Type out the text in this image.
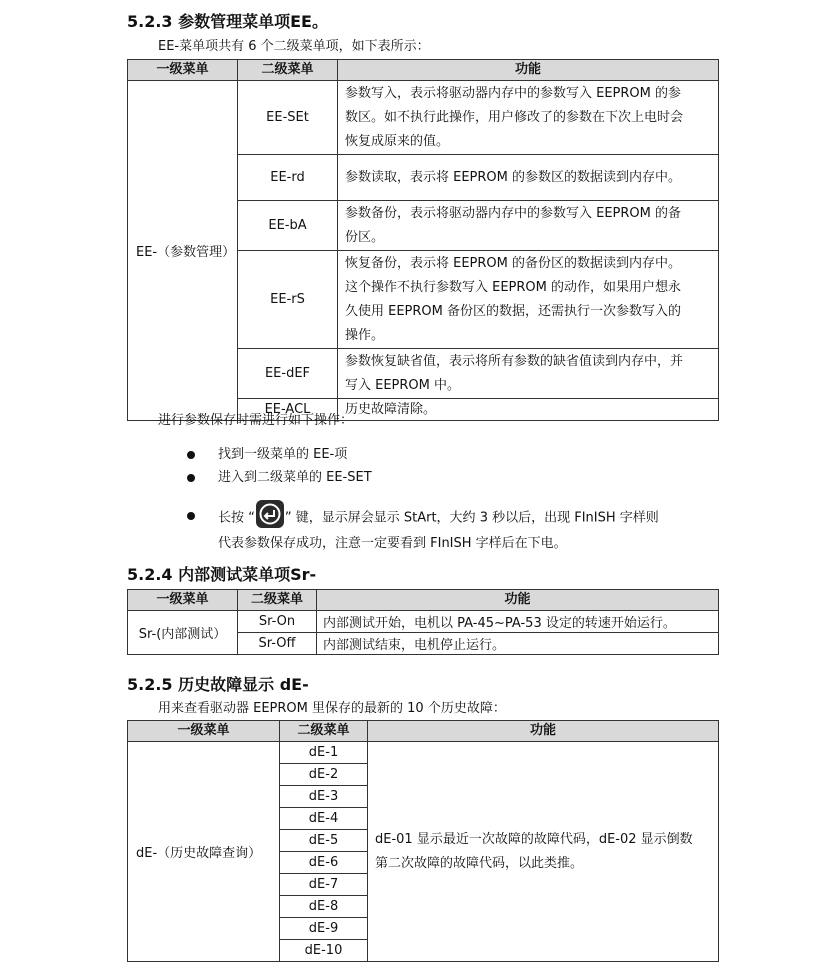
5.2.3 参数管理菜单项EE。

EE-菜单项共有 6 个二级菜单项，如下表所示：

一级菜单	二级菜单	功能
EE-（参数管理）	EE-SEt	参数写入，表示将驱动器内存中的参数写入 EEPROM 的参
数区。如不执行此操作，用户修改了的参数在下次上电时会
恢复成原来的值。

	EE-rd	参数读取，表示将 EEPROM 的参数区的数据读到内存中。

	EE-bA	参数备份，表示将驱动器内存中的参数写入 EEPROM 的备
份区。

	EE-rS	恢复备份，表示将 EEPROM 的备份区的数据读到内存中。
这个操作不执行参数写入 EEPROM 的动作，如果用户想永
久使用 EEPROM 备份区的数据，还需执行一次参数写入的
操作。

	EE-dEF	参数恢复缺省值，表示将所有参数的缺省值读到内存中，并
写入 EEPROM 中。

	EE-ACL	历史故障清除。

进行参数保存时需进行如下操作：

找到一级菜单的 EE-项
进入到二级菜单的 EE-SET
长按 “ ” 键，显示屏会显示 StArt，大约 3 秒以后，出现 FInISH 字样则
代表参数保存成功，注意一定要看到 FInISH 字样后在下电。
5.2.4 内部测试菜单项Sr-
一级菜单	二级菜单	功能
Sr-(内部测试）	Sr-On	内部测试开始，电机以 PA-45~PA-53 设定的转速开始运行。
	Sr-Off	内部测试结束，电机停止运行。
5.2.5 历史故障显示 dE-

用来查看驱动器 EEPROM 里保存的最新的 10 个历史故障：

一级菜单	二级菜单	功能
dE-（历史故障查询）	dE-1	dE-01 显示最近一次故障的故障代码，dE-02 显示倒数
第二次故障的故障代码，以此类推。

	dE-2	
	dE-3	
	dE-4	
	dE-5	
	dE-6	
	dE-7	
	dE-8	
	dE-9	
	dE-10	
